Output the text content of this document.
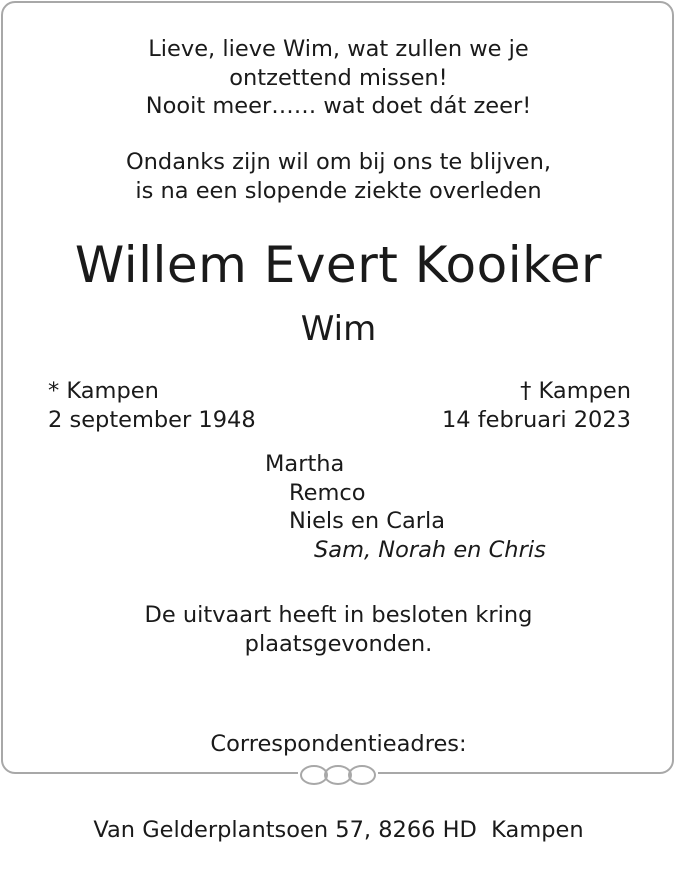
Lieve, lieve Wim, wat zullen we je
ontzettend missen!
Nooit meer…… wat doet dát zeer!
Ondanks zijn wil om bij ons te blijven,
is na een slopende ziekte overleden
Willem Evert Kooiker
Wim
* Kampen
2 september 1948
† Kampen
14 februari 2023
Martha
Remco
Niels en Carla
Sam, Norah en Chris
De uitvaart heeft in besloten kring
plaatsgevonden.

Correspondentieadres:

Van Gelderplantsoen 57, 8266 HD  Kampen
